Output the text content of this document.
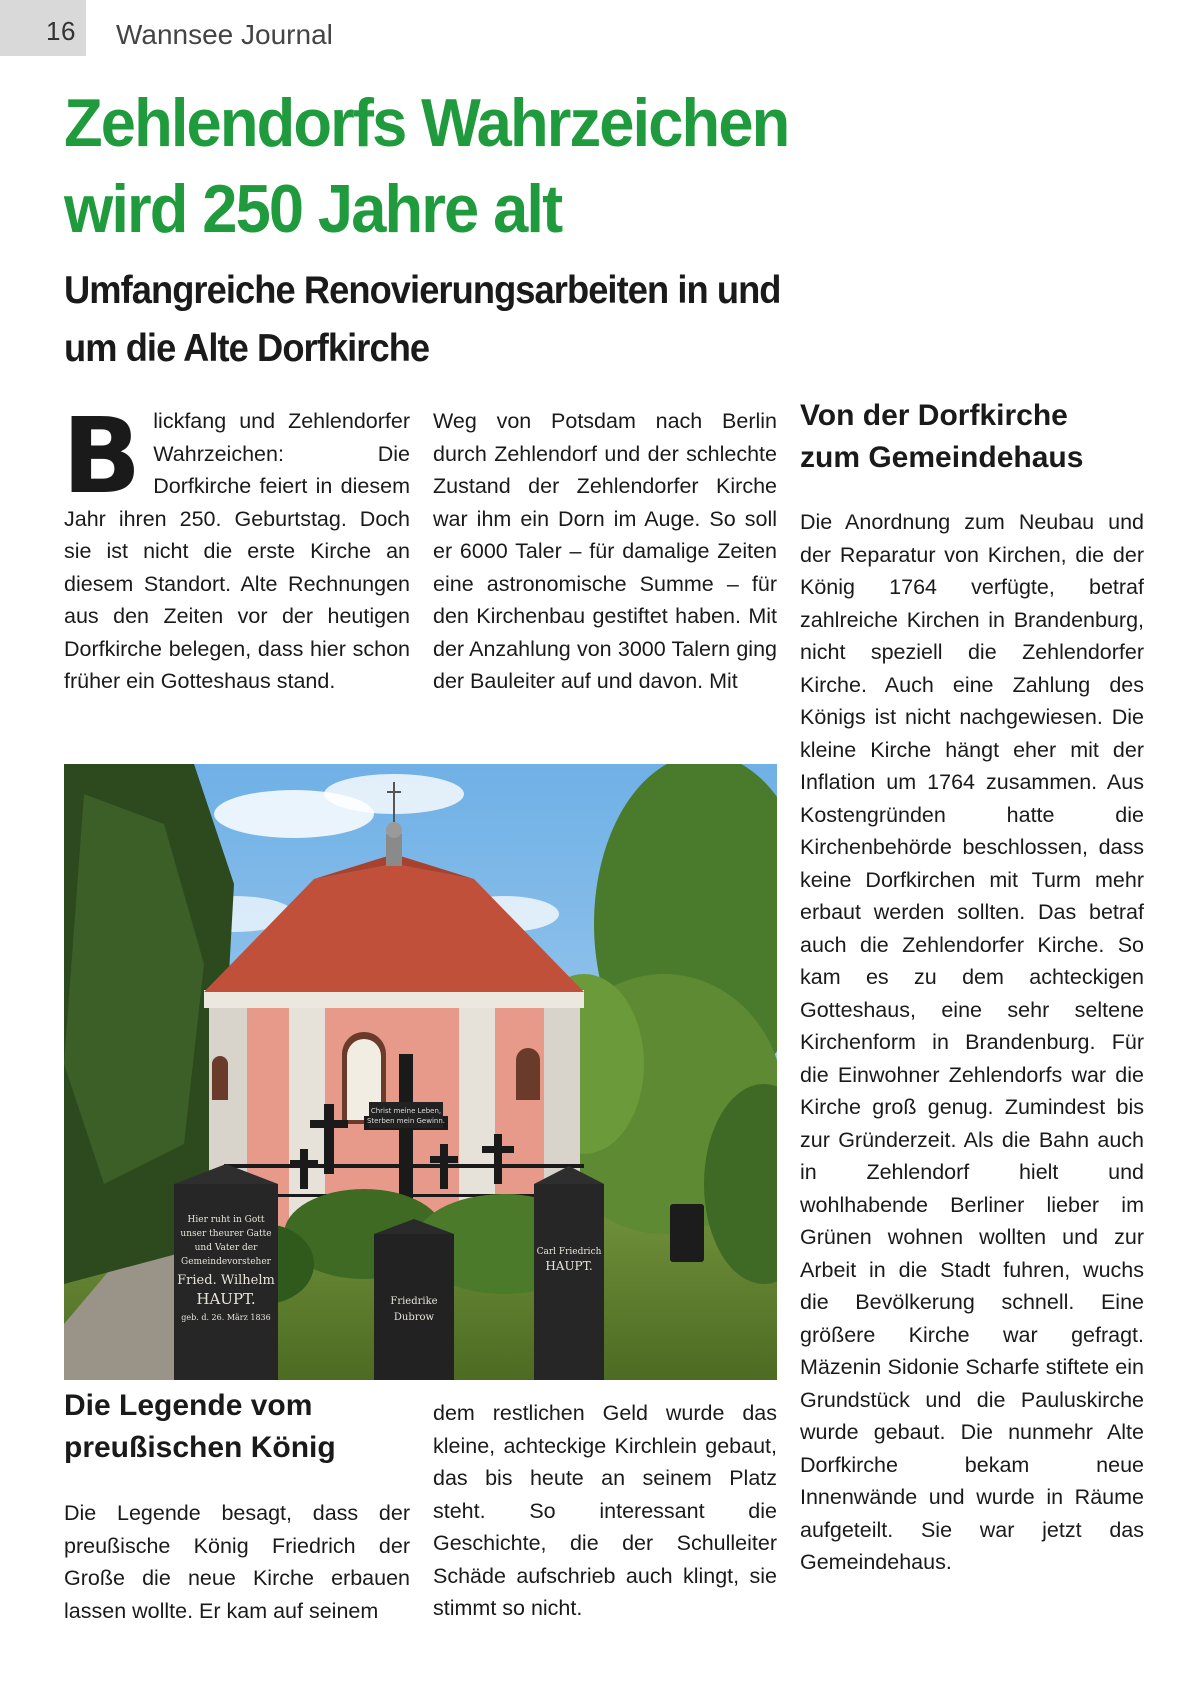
16 Wannsee Journal
Zehlendorfs Wahrzeichen
wird 250 Jahre alt
Umfangreiche Renovierungsarbeiten in und
um die Alte Dorfkirche
B lickfang und Zehlendorfer Wahrzeichen: Die Dorfkirche feiert in diesem Jahr ihren 250. Geburtstag. Doch sie ist nicht die erste Kirche an diesem Standort. Alte Rechnungen aus den Zeiten vor der heutigen Dorfkirche belegen, dass hier schon früher ein Gotteshaus stand.

Weg von Potsdam nach Berlin durch Zehlendorf und der schlechte Zustand der Zehlendorfer Kirche war ihm ein Dorn im Auge. So soll er 6000 Taler – für damalige Zeiten eine astronomische Summe – für den Kirchenbau gestiftet haben. Mit der Anzahlung von 3000 Talern ging der Bauleiter auf und davon. Mit

Die Legende vom
preußischen König

Die Legende besagt, dass der preußische König Friedrich der Große die neue Kirche erbauen lassen wollte. Er kam auf seinem

dem restlichen Geld wurde das kleine, achteckige Kirchlein gebaut, das bis heute an seinem Platz steht. So interessant die Geschichte, die der Schulleiter Schäde aufschrieb auch klingt, sie stimmt so nicht.

Von der Dorfkirche
zum Gemeindehaus

Die Anordnung zum Neubau und der Reparatur von Kirchen, die der König 1764 verfügte, betraf zahlreiche Kirchen in Brandenburg, nicht speziell die Zehlendorfer Kirche. Auch eine Zahlung des Königs ist nicht nachgewiesen. Die kleine Kirche hängt eher mit der Inflation um 1764 zusammen. Aus Kostengründen hatte die Kirchenbehörde beschlossen, dass keine Dorfkirchen mit Turm mehr erbaut werden sollten. Das betraf auch die Zehlendorfer Kirche. So kam es zu dem achteckigen Gotteshaus, eine sehr seltene Kirchenform in Brandenburg. Für die Einwohner Zehlendorfs war die Kirche groß genug. Zumindest bis zur Gründerzeit. Als die Bahn auch in Zehlendorf hielt und wohlhabende Berliner lieber im Grünen wohnen wollten und zur Arbeit in die Stadt fuhren, wuchs die Bevölkerung schnell. Eine größere Kirche war gefragt. Mäzenin Sidonie Scharfe stiftete ein Grundstück und die Pauluskirche wurde gebaut. Die nunmehr Alte Dorfkirche bekam neue Innenwände und wurde in Räume aufgeteilt. Sie war jetzt das Gemeindehaus.

Christ meine Leben,
Sterben mein Gewinn.
Friedrike
Dubrow
Hier ruht in Gott
unser theurer Gatte
und Vater der
Gemeindevorsteher
Fried. Wilhelm
HAUPT.
geb. d. 26. März 1836
Carl Friedrich
HAUPT.
